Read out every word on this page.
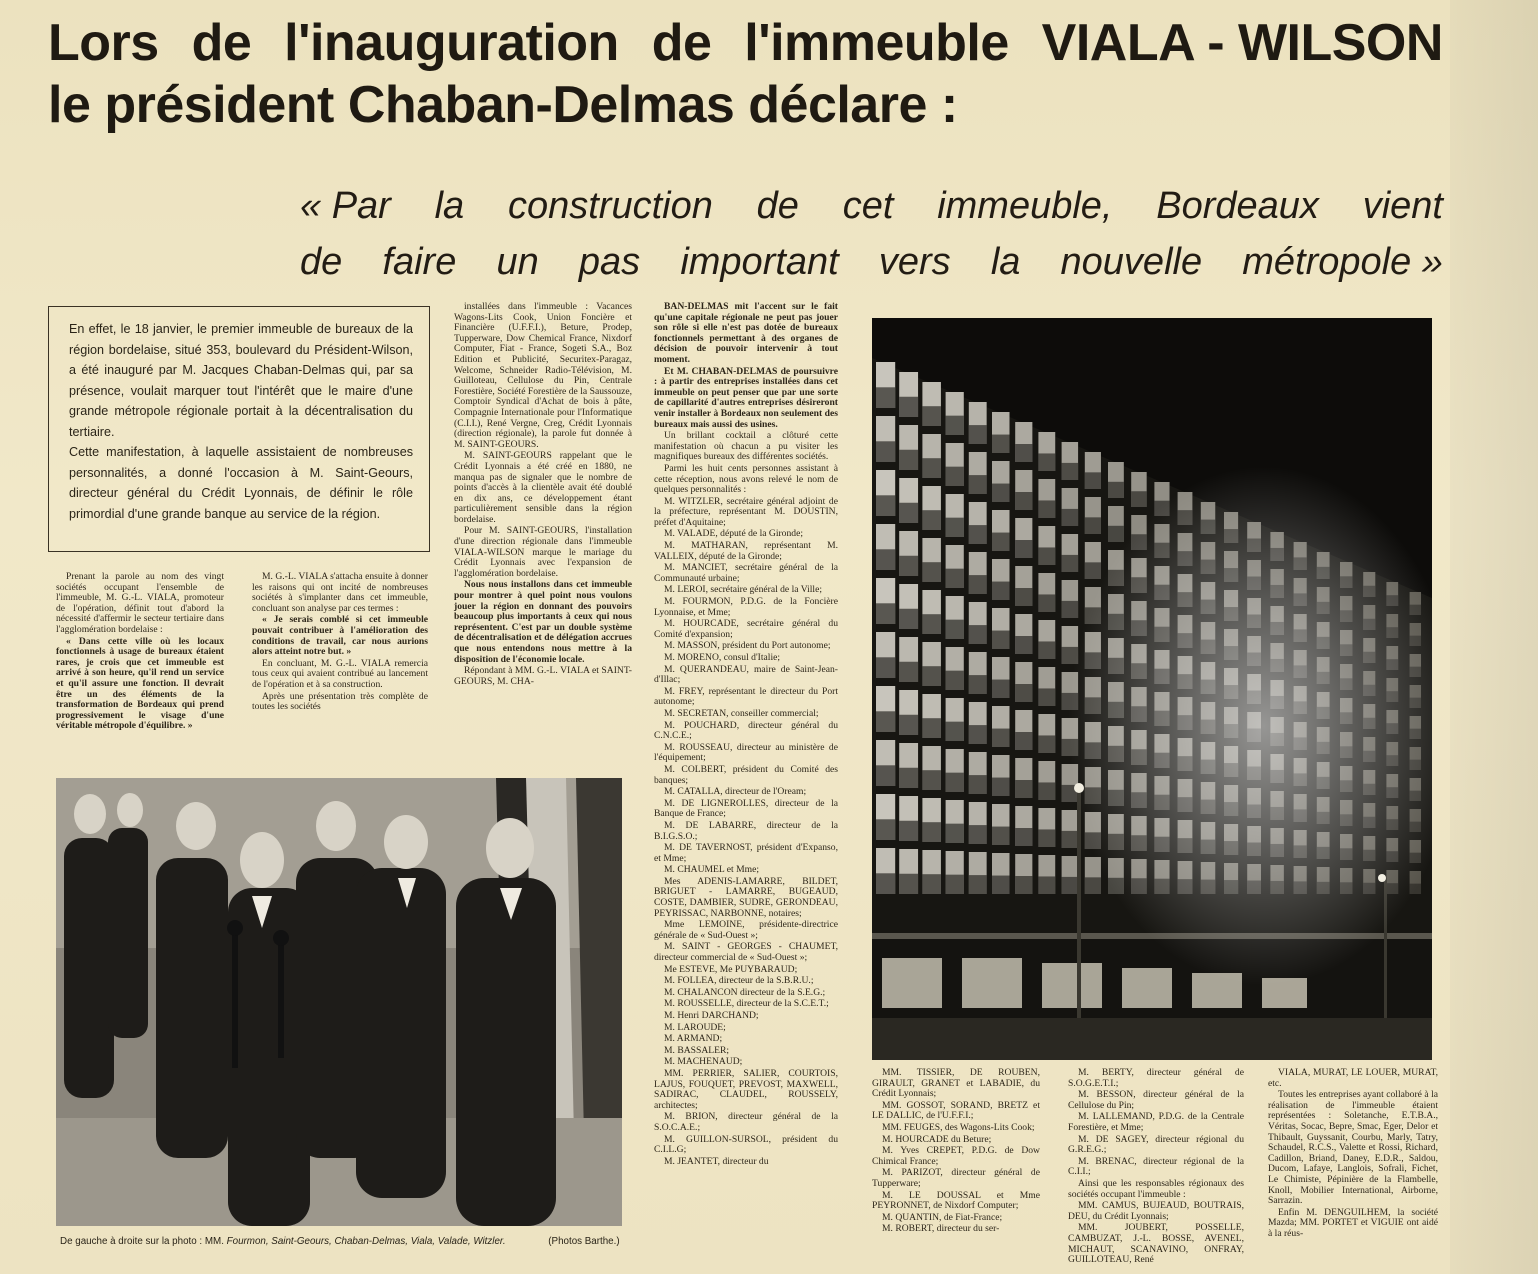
Lors de l'inauguration de l'immeuble VIALA - WILSON
le président Chaban-Delmas déclare :
« Par la construction de cet immeuble, Bordeaux vient
de faire un pas important vers la nouvelle métropole »

En effet, le 18 janvier, le premier immeuble de bureaux de la région bordelaise, situé 353, boulevard du Président-Wilson, a été inauguré par M. Jacques Chaban-Delmas qui, par sa présence, voulait marquer tout l'intérêt que le maire d'une grande métropole régionale portait à la décentralisation du tertiaire.

Cette manifestation, à laquelle assistaient de nombreuses personnalités, a donné l'occasion à M. Saint-Geours, directeur général du Crédit Lyonnais, de définir le rôle primordial d'une grande banque au service de la région.

Prenant la parole au nom des vingt sociétés occupant l'ensemble de l'immeuble, M. G.-L. VIALA, promoteur de l'opération, définit tout d'abord la nécessité d'affermir le secteur tertiaire dans l'agglomération bordelaise :

« Dans cette ville où les locaux fonctionnels à usage de bureaux étaient rares, je crois que cet immeuble est arrivé à son heure, qu'il rend un service et qu'il assure une fonction. Il devrait être un des éléments de la transformation de Bordeaux qui prend progressivement le visage d'une véritable métropole d'équilibre. »

M. G.-L. VIALA s'attacha ensuite à donner les raisons qui ont incité de nombreuses sociétés à s'implanter dans cet immeuble, concluant son analyse par ces termes :

« Je serais comblé si cet immeuble pouvait contribuer à l'amélioration des conditions de travail, car nous aurions alors atteint notre but. »

En concluant, M. G.-L. VIALA remercia tous ceux qui avaient contribué au lancement de l'opération et à sa construction.

Après une présentation très complète de toutes les sociétés

installées dans l'immeuble : Vacances Wagons-Lits Cook, Union Foncière et Financière (U.F.F.I.), Beture, Prodep, Tupperware, Dow Chemical France, Nixdorf Computer, Fiat - France, Sogeti S.A., Boz Edition et Publicité, Securitex-Paragaz, Welcome, Schneider Radio-Télévision, M. Guilloteau, Cellulose du Pin, Centrale Forestière, Société Forestière de la Saussouze, Comptoir Syndical d'Achat de bois à pâte, Compagnie Internationale pour l'Informatique (C.I.I.), René Vergne, Creg, Crédit Lyonnais (direction régionale), la parole fut donnée à M. SAINT-GEOURS.

M. SAINT-GEOURS rappelant que le Crédit Lyonnais a été créé en 1880, ne manqua pas de signaler que le nombre de points d'accès à la clientèle avait été doublé en dix ans, ce développement étant particulièrement sensible dans la région bordelaise.

Pour M. SAINT-GEOURS, l'installation d'une direction régionale dans l'immeuble VIALA-WILSON marque le mariage du Crédit Lyonnais avec l'expansion de l'agglomération bordelaise.

Nous nous installons dans cet immeuble pour montrer à quel point nous voulons jouer la région en donnant des pouvoirs beaucoup plus importants à ceux qui nous représentent. C'est par un double système de décentralisation et de délégation accrues que nous entendons nous mettre à la disposition de l'économie locale.

Répondant à MM. G.-L. VIALA et SAINT-GEOURS, M. CHA-

BAN-DELMAS mit l'accent sur le fait qu'une capitale régionale ne peut pas jouer son rôle si elle n'est pas dotée de bureaux fonctionnels permettant à des organes de décision de pouvoir intervenir à tout moment.

Et M. CHABAN-DELMAS de poursuivre : à partir des entreprises installées dans cet immeuble on peut penser que par une sorte de capillarité d'autres entreprises désireront venir installer à Bordeaux non seulement des bureaux mais aussi des usines.

Un brillant cocktail a clôturé cette manifestation où chacun a pu visiter les magnifiques bureaux des différentes sociétés.

Parmi les huit cents personnes assistant à cette réception, nous avons relevé le nom de quelques personnalités :

M. WITZLER, secrétaire général adjoint de la préfecture, représentant M. DOUSTIN, préfet d'Aquitaine;

M. VALADE, député de la Gironde;

M. MATHARAN, représentant M. VALLEIX, député de la Gironde;

M. MANCIET, secrétaire général de la Communauté urbaine;

M. LEROI, secrétaire général de la Ville;

M. FOURMON, P.D.G. de la Foncière Lyonnaise, et Mme;

M. HOURCADE, secrétaire général du Comité d'expansion;

M. MASSON, président du Port autonome;

M. MORENO, consul d'Italie;

M. QUERANDEAU, maire de Saint-Jean-d'Illac;

M. FREY, représentant le directeur du Port autonome;

M. SECRETAN, conseiller commercial;

M. POUCHARD, directeur général du C.N.C.E.;

M. ROUSSEAU, directeur au ministère de l'équipement;

M. COLBERT, président du Comité des banques;

M. CATALLA, directeur de l'Oream;

M. DE LIGNEROLLES, directeur de la Banque de France;

M. DE LABARRE, directeur de la B.I.G.S.O.;

M. DE TAVERNOST, président d'Expanso, et Mme;

M. CHAUMEL et Mme;

Mes ADENIS-LAMARRE, BILDET, BRIGUET - LAMARRE, BUGEAUD, COSTE, DAMBIER, SUDRE, GERONDEAU, PEYRISSAC, NARBONNE, notaires;

Mme LEMOINE, présidente-directrice générale de « Sud-Ouest »;

M. SAINT - GEORGES - CHAUMET, directeur commercial de « Sud-Ouest »;

Me ESTEVE, Me PUYBARAUD;

M. FOLLEA, directeur de la S.B.R.U.;

M. CHALANCON directeur de la S.E.G.;

M. ROUSSELLE, directeur de la S.C.E.T.;

M. Henri DARCHAND;

M. LAROUDE;

M. ARMAND;

M. BASSALER;

M. MACHENAUD;

MM. PERRIER, SALIER, COURTOIS, LAJUS, FOUQUET, PREVOST, MAXWELL, SADIRAC, CLAUDEL, ROUSSELY, architectes;

M. BRION, directeur général de la S.O.C.A.E.;

M. GUILLON-SURSOL, président du C.I.L.G;

M. JEANTET, directeur du

MM. TISSIER, DE ROUBEN, GIRAULT, GRANET et LABADIE, du Crédit Lyonnais;

MM. GOSSOT, SORAND, BRETZ et LE DALLIC, de l'U.F.F.I.;

MM. FEUGES, des Wagons-Lits Cook;

M. HOURCADE du Beture;

M. Yves CREPET, P.D.G. de Dow Chimical France;

M. PARIZOT, directeur général de Tupperware;

M. LE DOUSSAL et Mme PEYRONNET, de Nixdorf Computer;

M. QUANTIN, de Fiat-France;

M. ROBERT, directeur du ser-

M. BERTY, directeur général de S.O.G.E.T.I.;

M. BESSON, directeur général de la Cellulose du Pin;

M. LALLEMAND, P.D.G. de la Centrale Forestière, et Mme;

M. DE SAGEY, directeur régional du G.R.E.G.;

M. BRENAC, directeur régional de la C.I.I.;

Ainsi que les responsables régionaux des sociétés occupant l'immeuble :

MM. CAMUS, BUJEAUD, BOUTRAIS, DEU, du Crédit Lyonnais;

MM. JOUBERT, POSSELLE, CAMBUZAT, J.-L. BOSSE, AVENEL, MICHAUT, SCANAVINO, ONFRAY, GUILLOTEAU, René

VIALA, MURAT, LE LOUER, MURAT, etc.

Toutes les entreprises ayant collaboré à la réalisation de l'immeuble étaient représentées : Soletanche, E.T.B.A., Véritas, Socac, Bepre, Smac, Eger, Delor et Thibault, Guyssanit, Courbu, Marly, Tatry, Schaudel, R.C.S., Valette et Rossi, Richard, Cadillon, Briand, Daney, E.D.R., Saldou, Ducom, Lafaye, Langlois, Sofrali, Fichet, Le Chimiste, Pépinière de la Flambelle, Knoll, Mobilier International, Airborne, Sarrazin.

Enfin M. DENGUILHEM, la société Mazda; MM. PORTET et VIGUIE ont aidé à la réus-

De gauche à droite sur la photo : MM. Fourmon, Saint-Geours, Chaban-Delmas, Viala, Valade, Witzler.	(Photos Barthe.)
